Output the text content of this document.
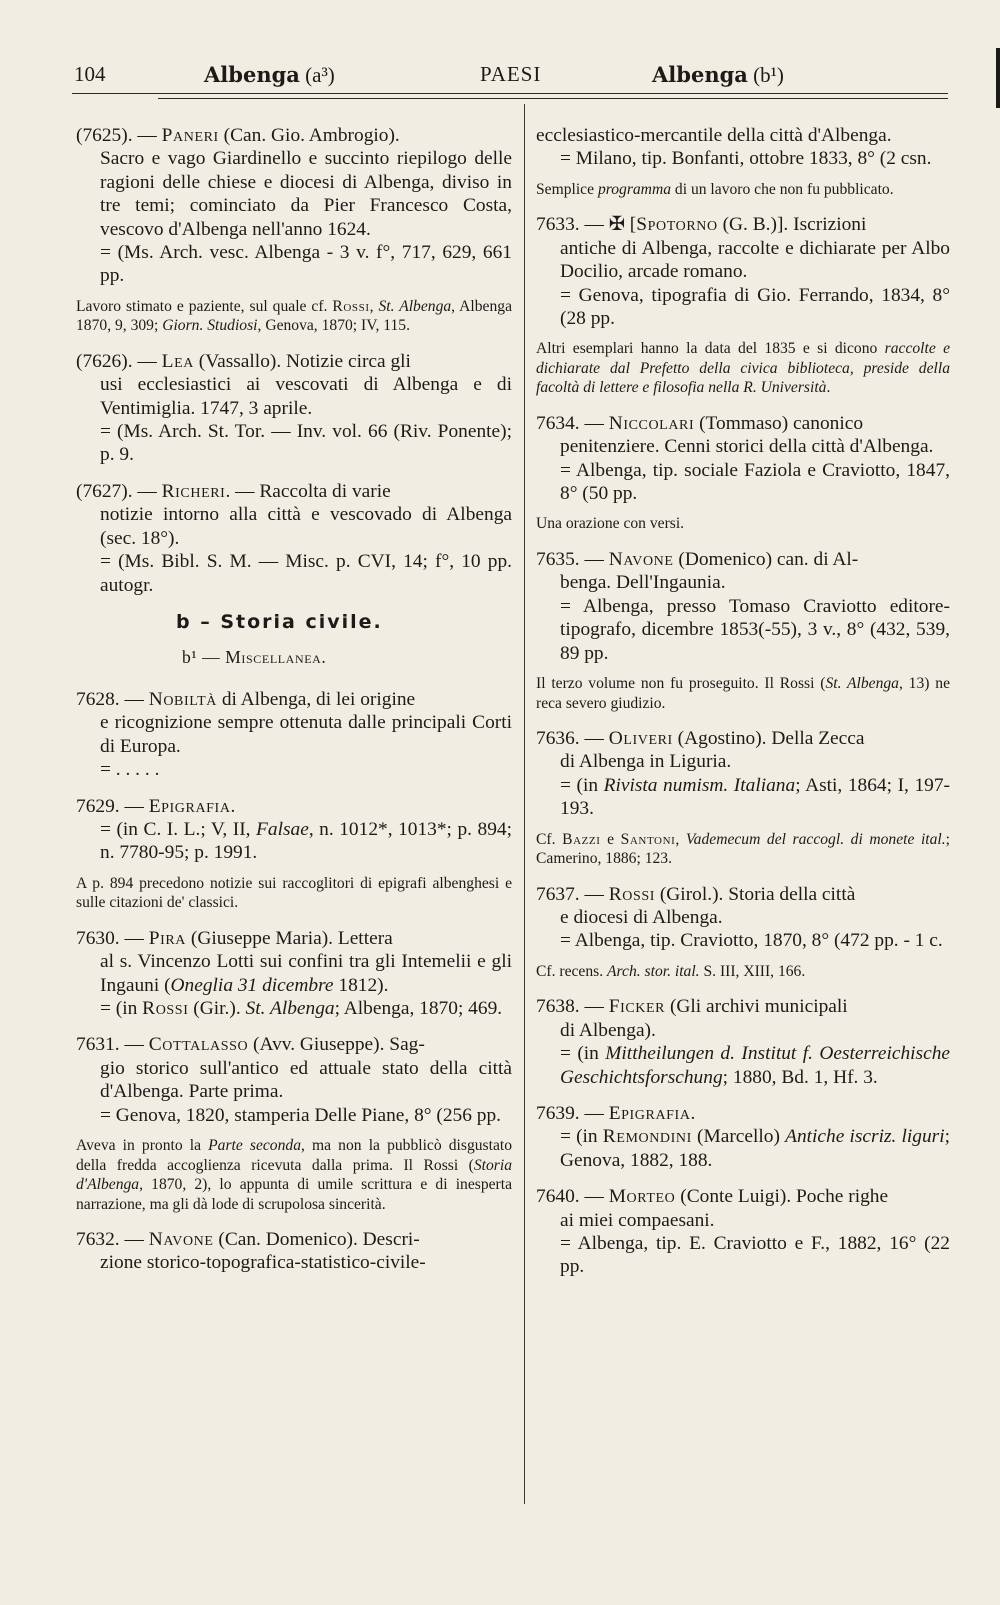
104	Albenga (a³)	PAESI	Albenga (b¹)
(7625). — Paneri (Can. Gio. Ambrogio).
Sacro e vago Giardinello e succinto riepilogo delle ragioni delle chiese e diocesi di Albenga, diviso in tre temi; cominciato da Pier Francesco Costa, vescovo d'Albenga nell'anno 1624.
= (Ms. Arch. vesc. Albenga - 3 v. f°, 717, 629, 661 pp.
Lavoro stimato e paziente, sul quale cf. Rossi, St. Albenga, Albenga 1870, 9, 309; Giorn. Studiosi, Genova, 1870; IV, 115.
(7626). — Lea (Vassallo). Notizie circa gli
usi ecclesiastici ai vescovati di Albenga e di Ventimiglia. 1747, 3 aprile.
= (Ms. Arch. St. Tor. — Inv. vol. 66 (Riv. Ponente); p. 9.
(7627). — Richeri. — Raccolta di varie
notizie intorno alla città e vescovado di Albenga (sec. 18°).
= (Ms. Bibl. S. M. — Misc. p. CVI, 14; f°, 10 pp. autogr.
b – Storia civile.
b¹ — Miscellanea.
7628. — Nobiltà di Albenga, di lei origine
e ricognizione sempre ottenuta dalle principali Corti di Europa.
= . . . . .
7629. — Epigrafia.
= (in C. I. L.; V, II, Falsae, n. 1012*, 1013*; p. 894; n. 7780-95; p. 1991.
A p. 894 precedono notizie sui raccoglitori di epigrafi albenghesi e sulle citazioni de' classici.
7630. — Pira (Giuseppe Maria). Lettera
al s. Vincenzo Lotti sui confini tra gli Intemelii e gli Ingauni (Oneglia 31 dicembre 1812).
= (in Rossi (Gir.). St. Albenga; Albenga, 1870; 469.
7631. — Cottalasso (Avv. Giuseppe). Sag-
gio storico sull'antico ed attuale stato della città d'Albenga. Parte prima.
= Genova, 1820, stamperia Delle Piane, 8° (256 pp.
Aveva in pronto la Parte seconda, ma non la pubblicò disgustato della fredda accoglienza ricevuta dalla prima. Il Rossi (Storia d'Albenga, 1870, 2), lo appunta di umile scrittura e di inesperta narrazione, ma gli dà lode di scrupolosa sincerità.
7632. — Navone (Can. Domenico). Descri-
zione storico-topografica-statistico-civile-
ecclesiastico-mercantile della città d'Albenga.
= Milano, tip. Bonfanti, ottobre 1833, 8° (2 csn.
Semplice programma di un lavoro che non fu pubblicato.
7633. — ✠ [Spotorno (G. B.)]. Iscrizioni
antiche di Albenga, raccolte e dichiarate per Albo Docilio, arcade romano.
= Genova, tipografia di Gio. Ferrando, 1834, 8° (28 pp.
Altri esemplari hanno la data del 1835 e si dicono raccolte e dichiarate dal Prefetto della civica biblioteca, preside della facoltà di lettere e filosofia nella R. Università.
7634. — Niccolari (Tommaso) canonico
penitenziere. Cenni storici della città d'Albenga.
= Albenga, tip. sociale Faziola e Craviotto, 1847, 8° (50 pp.
Una orazione con versi.
7635. — Navone (Domenico) can. di Al-
benga. Dell'Ingaunia.
= Albenga, presso Tomaso Craviotto editore-tipografo, dicembre 1853(-55), 3 v., 8° (432, 539, 89 pp.
Il terzo volume non fu proseguito. Il Rossi (St. Albenga, 13) ne reca severo giudizio.
7636. — Oliveri (Agostino). Della Zecca
di Albenga in Liguria.
= (in Rivista numism. Italiana; Asti, 1864; I, 197-193.
Cf. Bazzi e Santoni, Vademecum del raccogl. di monete ital.; Camerino, 1886; 123.
7637. — Rossi (Girol.). Storia della città
e diocesi di Albenga.
= Albenga, tip. Craviotto, 1870, 8° (472 pp. - 1 c.
Cf. recens. Arch. stor. ital. S. III, XIII, 166.
7638. — Ficker (Gli archivi municipali
di Albenga).
= (in Mittheilungen d. Institut f. Oesterreichische Geschichtsforschung; 1880, Bd. 1, Hf. 3.
7639. — Epigrafia.
= (in Remondini (Marcello) Antiche iscriz. liguri; Genova, 1882, 188.
7640. — Morteo (Conte Luigi). Poche righe
ai miei compaesani.
= Albenga, tip. E. Craviotto e F., 1882, 16° (22 pp.
